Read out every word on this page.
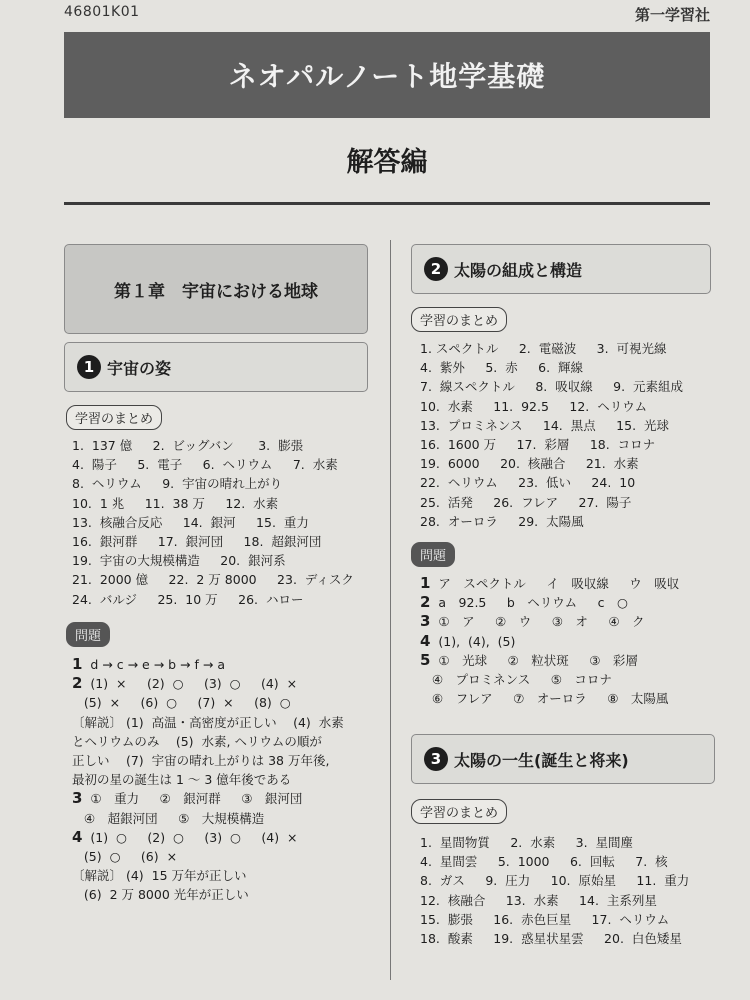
46801K01	第一学習社
ネオパルノート地学基礎
解答編
第１章　宇宙における地球
1 宇宙の姿
学習のまとめ
1.  137 億　  2.  ビッグバン　   3.  膨張
4.  陽子　  5.  電子　  6.  ヘリウム　  7.  水素
8.  ヘリウム　  9.  宇宙の晴れ上がり
10.  1 兆　  11.  38 万　  12.  水素
13.  核融合反応　  14.  銀河　  15.  重力
16.  銀河群　  17.  銀河団　  18.  超銀河団
19.  宇宙の大規模構造　  20.  銀河系
21.  2000 億　  22.  2 万 8000　  23.  ディスク
24.  バルジ　  25.  10 万　  26.  ハロー
問題
1  d → c → e → b → f → a
2  (1)  ×　  (2)  ○　  (3)  ○　  (4)  ×
(5)  ×　  (6)  ○　  (7)  ×　  (8)  ○
〔解説〕 (1)  高温・高密度が正しい　 (4)  水素
とヘリウムのみ　 (5)  水素, ヘリウムの順が
正しい　 (7)  宇宙の晴れ上がりは 38 万年後,
最初の星の誕生は 1 ～ 3 億年後である
3  ①　重力　  ②　銀河群　  ③　銀河団
④　超銀河団　  ⑤　大規模構造
4  (1)  ○　  (2)  ○　  (3)  ○　  (4)  ×
(5)  ○　  (6)  ×
〔解説〕 (4)  15 万年が正しい
(6)  2 万 8000 光年が正しい
2 太陽の組成と構造
学習のまとめ
1. スペクトル　  2.  電磁波　  3.  可視光線
4.  紫外　  5.  赤　  6.  輝線
7.  線スペクトル　  8.  吸収線　  9.  元素組成
10.  水素　  11.  92.5　  12.  ヘリウム
13.  プロミネンス　  14.  黒点　  15.  光球
16.  1600 万　  17.  彩層　  18.  コロナ
19.  6000　  20.  核融合　  21.  水素
22.  ヘリウム　  23.  低い　  24.  10
25.  活発　  26.  フレア　  27.  陽子
28.  オーロラ　  29.  太陽風
問題
1  ア　スペクトル　  イ　吸収線　  ウ　吸収
2  a　92.5　  b　ヘリウム　  c　○
3  ①　ア　  ②　ウ　  ③　オ　  ④　ク
4  (1),  (4),  (5)
5  ①　光球　  ②　粒状斑　  ③　彩層
④　プロミネンス　  ⑤　コロナ
⑥　フレア　  ⑦　オーロラ　  ⑧　太陽風
3 太陽の一生(誕生と将来)
学習のまとめ
1.  星間物質　  2.  水素　  3.  星間塵
4.  星間雲　  5.  1000　  6.  回転　  7.  核
8.  ガス　  9.  圧力　  10.  原始星　  11.  重力
12.  核融合　  13.  水素　  14.  主系列星
15.  膨張　  16.  赤色巨星　  17.  ヘリウム
18.  酸素　  19.  惑星状星雲　  20.  白色矮星
